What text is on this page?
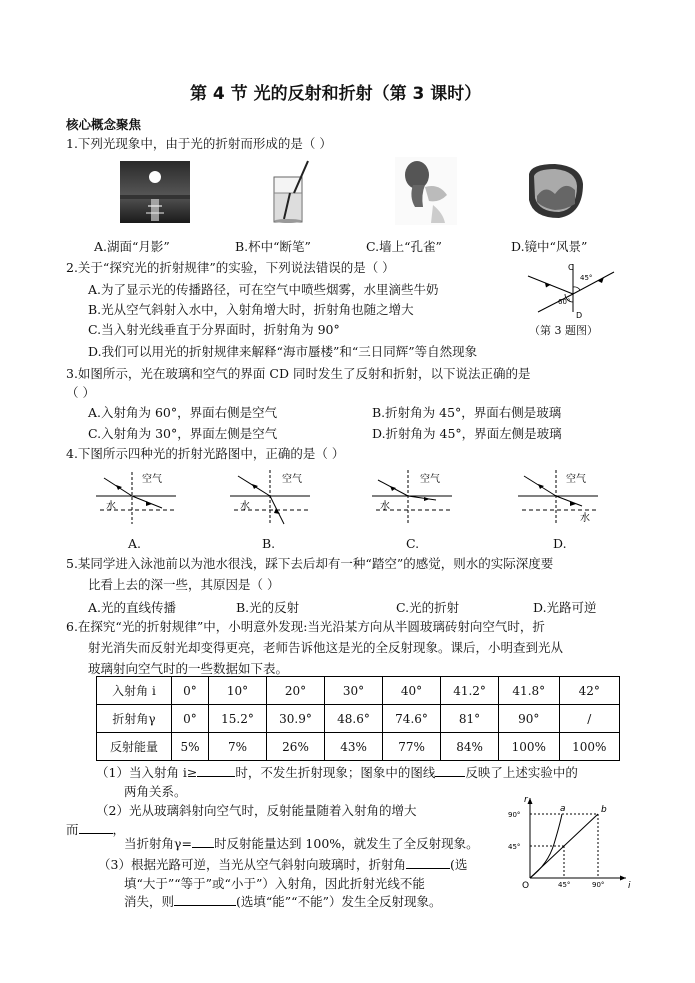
第 4 节 光的反射和折射（第 3 课时）
核心概念聚焦
1.下列光现象中，由于光的折射而形成的是（ ）
A.湖面“月影”	B.杯中“断笔”	C.墙上“孔雀”	D.镜中“风景”
2.关于“探究光的折射规律”的实验，下列说法错误的是（ ）
A.为了显示光的传播路径，可在空气中喷些烟雾，水里滴些牛奶
B.光从空气斜射入水中，入射角增大时，折射角也随之增大
C.当入射光线垂直于分界面时，折射角为 90°
D.我们可以用光的折射规律来解释“海市蜃楼”和“三日同辉”等自然现象
C
D
60°
45°
（第 3 题图）
3.如图所示，光在玻璃和空气的界面 CD 同时发生了反射和折射，以下说法正确的是
（ ）
A.入射角为 60°，界面右侧是空气	B.折射角为 45°，界面右侧是玻璃
C.入射角为 30°，界面左侧是空气	D.折射角为 45°，界面左侧是玻璃
4.下图所示四种光的折射光路图中，正确的是（ ）
空气
水
空气
水
空气
水
空气
水
A.	B.	C.	D.
5.某同学进入泳池前以为池水很浅，踩下去后却有一种“踏空”的感觉，则水的实际深度要
比看上去的深一些，其原因是（ ）
A.光的直线传播	B.光的反射	C.光的折射	D.光路可逆
6.在探究“光的折射规律”中，小明意外发现:当光沿某方向从半圆玻璃砖射向空气时，折
射光消失而反射光却变得更亮，老师告诉他这是光的全反射现象。课后，小明查到光从
玻璃射向空气时的一些数据如下表。
入射角 i	0°	10°	20°	30°	40°	41.2°	41.8°	42°
折射角γ	0°	15.2°	30.9°	48.6°	74.6°	81°	90°	/
反射能量	5%	7%	26%	43%	77%	84%	100%	100%
（1）当入射角 i≥	时，不发生折射现象；图象中的图线 反映了上述实验中的
两角关系。
（2）光从玻璃斜射向空气时，反射能量随着入射角的增大
而	，
当折射角γ= 时反射能量达到 100%，就发生了全反射现象。
（3）根据光路可逆，当光从空气斜射向玻璃时，折射角	(选
填“大于”“等于”或“小于”）入射角，因此折射光线不能
消失，则	(选填“能”“不能”）发生全反射现象。
r
i
O
a	b
90°
45°
45°	90°
